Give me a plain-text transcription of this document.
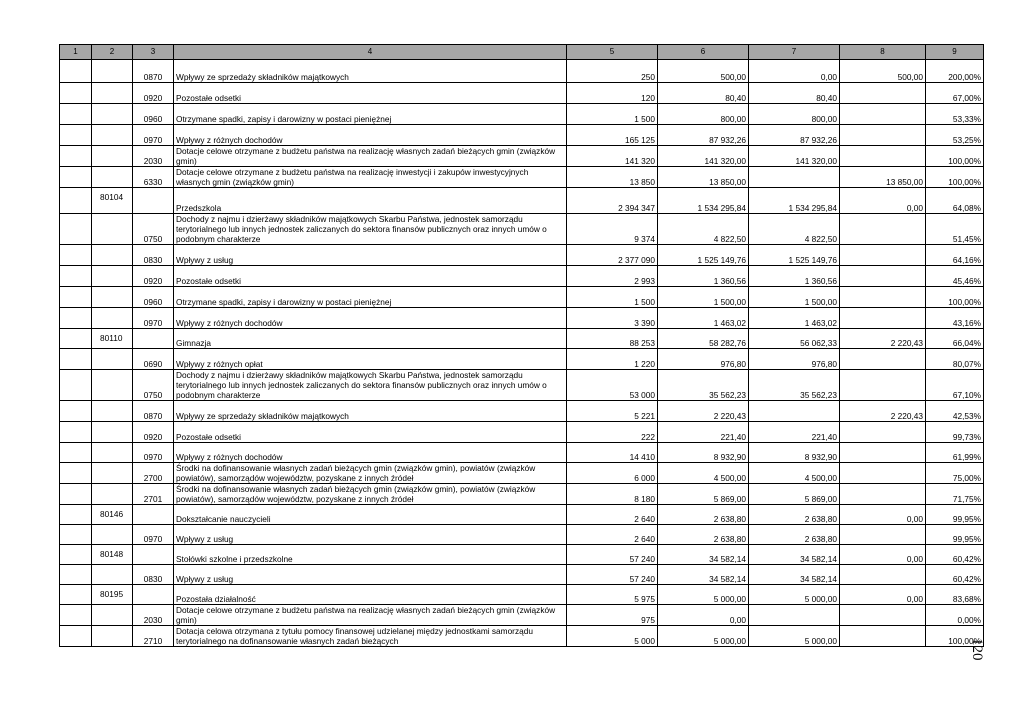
1	2	3	4	5	6	7	8	9
		0870	Wpływy ze sprzedaży składników majątkowych	250	500,00	0,00	500,00	200,00%
		0920	Pozostałe odsetki	120	80,40	80,40		67,00%
		0960	Otrzymane spadki, zapisy i darowizny w postaci pieniężnej	1 500	800,00	800,00		53,33%
		0970	Wpływy z różnych dochodów	165 125	87 932,26	87 932,26		53,25%
		2030	Dotacje celowe otrzymane z budżetu państwa na realizację własnych zadań bieżących gmin (związków gmin)	141 320	141 320,00	141 320,00		100,00%
		6330	Dotacje celowe otrzymane z budżetu państwa na realizację inwestycji i zakupów inwestycyjnych własnych gmin (związków gmin)	13 850	13 850,00		13 850,00	100,00%
	80104		Przedszkola	2 394 347	1 534 295,84	1 534 295,84	0,00	64,08%
		0750	Dochody z najmu i dzierżawy składników majątkowych Skarbu Państwa, jednostek samorządu terytorialnego lub innych jednostek zaliczanych do sektora finansów publicznych oraz innych umów o podobnym charakterze	9 374	4 822,50	4 822,50		51,45%
		0830	Wpływy z usług	2 377 090	1 525 149,76	1 525 149,76		64,16%
		0920	Pozostałe odsetki	2 993	1 360,56	1 360,56		45,46%
		0960	Otrzymane spadki, zapisy i darowizny w postaci pieniężnej	1 500	1 500,00	1 500,00		100,00%
		0970	Wpływy z różnych dochodów	3 390	1 463,02	1 463,02		43,16%
	80110		Gimnazja	88 253	58 282,76	56 062,33	2 220,43	66,04%
		0690	Wpływy z różnych opłat	1 220	976,80	976,80		80,07%
		0750	Dochody z najmu i dzierżawy składników majątkowych Skarbu Państwa, jednostek samorządu terytorialnego lub innych jednostek zaliczanych do sektora finansów publicznych oraz innych umów o podobnym charakterze	53 000	35 562,23	35 562,23		67,10%
		0870	Wpływy ze sprzedaży składników majątkowych	5 221	2 220,43		2 220,43	42,53%
		0920	Pozostałe odsetki	222	221,40	221,40		99,73%
		0970	Wpływy z różnych dochodów	14 410	8 932,90	8 932,90		61,99%
		2700	Środki na dofinansowanie własnych zadań bieżących gmin (związków gmin), powiatów (związków powiatów), samorządów województw, pozyskane z innych źródeł	6 000	4 500,00	4 500,00		75,00%
		2701	Środki na dofinansowanie własnych zadań bieżących gmin (związków gmin), powiatów (związków powiatów), samorządów województw, pozyskane z innych źródeł	8 180	5 869,00	5 869,00		71,75%
	80146		Dokształcanie nauczycieli	2 640	2 638,80	2 638,80	0,00	99,95%
		0970	Wpływy z usług	2 640	2 638,80	2 638,80		99,95%
	80148		Stołówki szkolne i przedszkolne	57 240	34 582,14	34 582,14	0,00	60,42%
		0830	Wpływy z usług	57 240	34 582,14	34 582,14		60,42%
	80195		Pozostała działalność	5 975	5 000,00	5 000,00	0,00	83,68%
		2030	Dotacje celowe otrzymane z budżetu państwa na realizację własnych zadań bieżących gmin (związków gmin)	975	0,00			0,00%
		2710	Dotacja celowa otrzymana z tytułu pomocy finansowej udzielanej między jednostkami samorządu terytorialnego na dofinansowanie własnych zadań bieżących	5 000	5 000,00	5 000,00		100,00%
120
